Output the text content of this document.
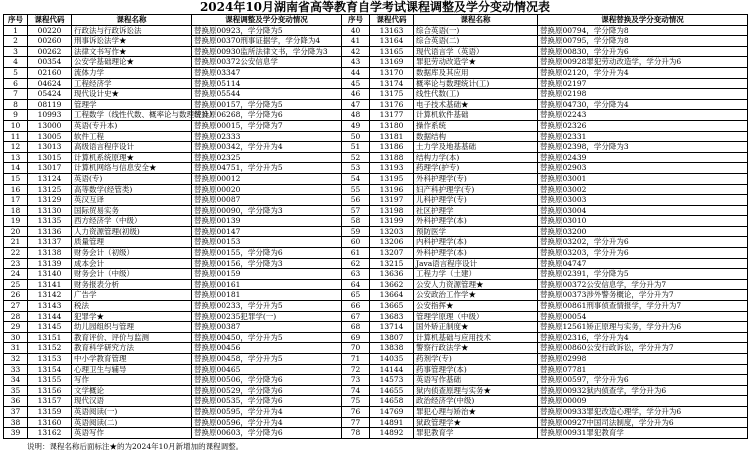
2024年10月湖南省高等教育自学考试课程调整及学分变动情况表
序号	课程代码	课程名称	课程调整及学分变动情况	序号	课程代码	课程名称	课程替换及学分变动情况
1	00220	行政法与行政诉讼法	替换原00923，学分降为5	40	13163	综合英语(一)	替换原00794，学分降为8
2	00260	刑事诉讼法学★	替换原00370刑事证据学，学分降为4	41	13164	综合英语(二)	替换原00795，学分降为8
3	00262	法律文书写作★	替换原00930监所法律文书，学分降为3	42	13165	现代语言学（英语）	替换原00830，学分升为6
4	00354	公安学基础理论★	替换原00372公安信息学	43	13169	罪犯劳动改造学★	替换原00928罪犯劳动改造学，学分升为6
5	02160	流体力学	替换原03347	44	13170	数据库及其应用	替换原02120，学分升为4
6	04624	工程经济学	替换原05114	45	13174	概率论与数理统计(工)	替换原02197
7	05424	现代设计史★	替换原05544	46	13175	线性代数(工)	替换原02198
8	08119	管理学	替换原00157，学分降为5	47	13176	电子技术基础★	替换原04730，学分降为4
9	10993	工程数学（线性代数、概率论与数理统计）	替换原06268，学分降为6	48	13177	计算机软件基础	替换原02243
10	13000	英语(专升本)	替换原00015，学分降为7	49	13180	操作系统	替换原02326
11	13005	软件工程	替换原02333	50	13181	数据结构	替换原02331
12	13013	高级语言程序设计	替换原00342，学分升为4	51	13186	土力学及地基基础	替换原02398，学分降为3
13	13015	计算机系统原理★	替换原02325	52	13188	结构力学(本)	替换原02439
14	13017	计算机网络与信息安全★	替换原04751，学分升为5	53	13193	药理学(护专)	替换原02903
15	13124	英语(专)	替换原00012	54	13195	外科护理学(专)	替换原03001
16	13125	高等数学(经管类)	替换原00020	55	13196	妇产科护理学(专)	替换原03002
17	13129	英汉互译	替换原00087	56	13197	儿科护理学(专)	替换原03003
18	13130	国际贸易实务	替换原00090，学分降为3	57	13198	社区护理学	替换原03004
19	13135	西方经济学（中级）	替换原00139	58	13199	外科护理学(本)	替换原03010
20	13136	人力资源管理(初级)	替换原00147	59	13203	预防医学	替换原03200
21	13137	质量管理	替换原00153	60	13206	内科护理学(本)	替换原03202，学分升为6
22	13138	财务会计（初级）	替换原00155，学分降为6	61	13207	外科护理学(本)	替换原03203，学分升为6
23	13139	成本会计	替换原00156，学分降为3	62	13215	Java语言程序设计	替换原04747
24	13140	财务会计（中级）	替换原00159	63	13636	工程力学（土建）	替换原02391，学分降为5
25	13141	财务报表分析	替换原00161	64	13662	公安人力资源管理★	替换原00372公安信息学，学分升为7
26	13142	广告学	替换原00181	65	13664	公安政治工作学★	替换原00373涉外警务概论，学分升为7
27	13143	税法	替换原00233，学分升为5	66	13665	公安指挥★	替换原00861刑事侦查情报学，学分升为7
28	13144	犯罪学★	替换原00235犯罪学(一)	67	13683	管理学原理（中级）	替换原00054
29	13145	幼儿园组织与管理	替换原00387	68	13714	国外矫正制度★	替换原12561矫正原理与实务，学分升为6
30	13151	教育评价、评价与监测	替换原00450，学分升为5	69	13807	计算机基础与应用技术	替换原02316，学分升为4
31	13152	教育科学研究方法	替换原00456	70	13838	警察行政法学★	替换原00860公安行政诉讼，学分升为7
32	13153	中小学教育管理	替换原00458，学分升为5	71	14035	药剂学(专)	替换原02998
33	13154	心理卫生与辅导	替换原00465	72	14144	药事管理学(本)	替换原07781
34	13155	写作	替换原00506，学分降为6	73	14573	英语写作基础	替换原00597，学分升为6
35	13156	文学概论	替换原00529，学分降为6	74	14655	狱内侦查原理与实务★	替换原00932狱内侦查学，学分升为6
36	13157	现代汉语	替换原00535，学分降为6	75	14658	政治经济学(中级)	替换原00009
37	13159	英语阅读(一)	替换原00595，学分升为4	76	14769	罪犯心理与矫治★	替换原00933罪犯改造心理学，学分升为6
38	13160	英语阅读(二)	替换原00596，学分升为4	77	14891	狱政管理学★	替换原00927中国司法制度，学分升为6
39	13162	英语写作	替换原00603，学分降为6	78	14892	罪犯教育学	替换原00931罪犯教育学
说明：课程名称后面标注★的为2024年10月新增加的课程调整。
